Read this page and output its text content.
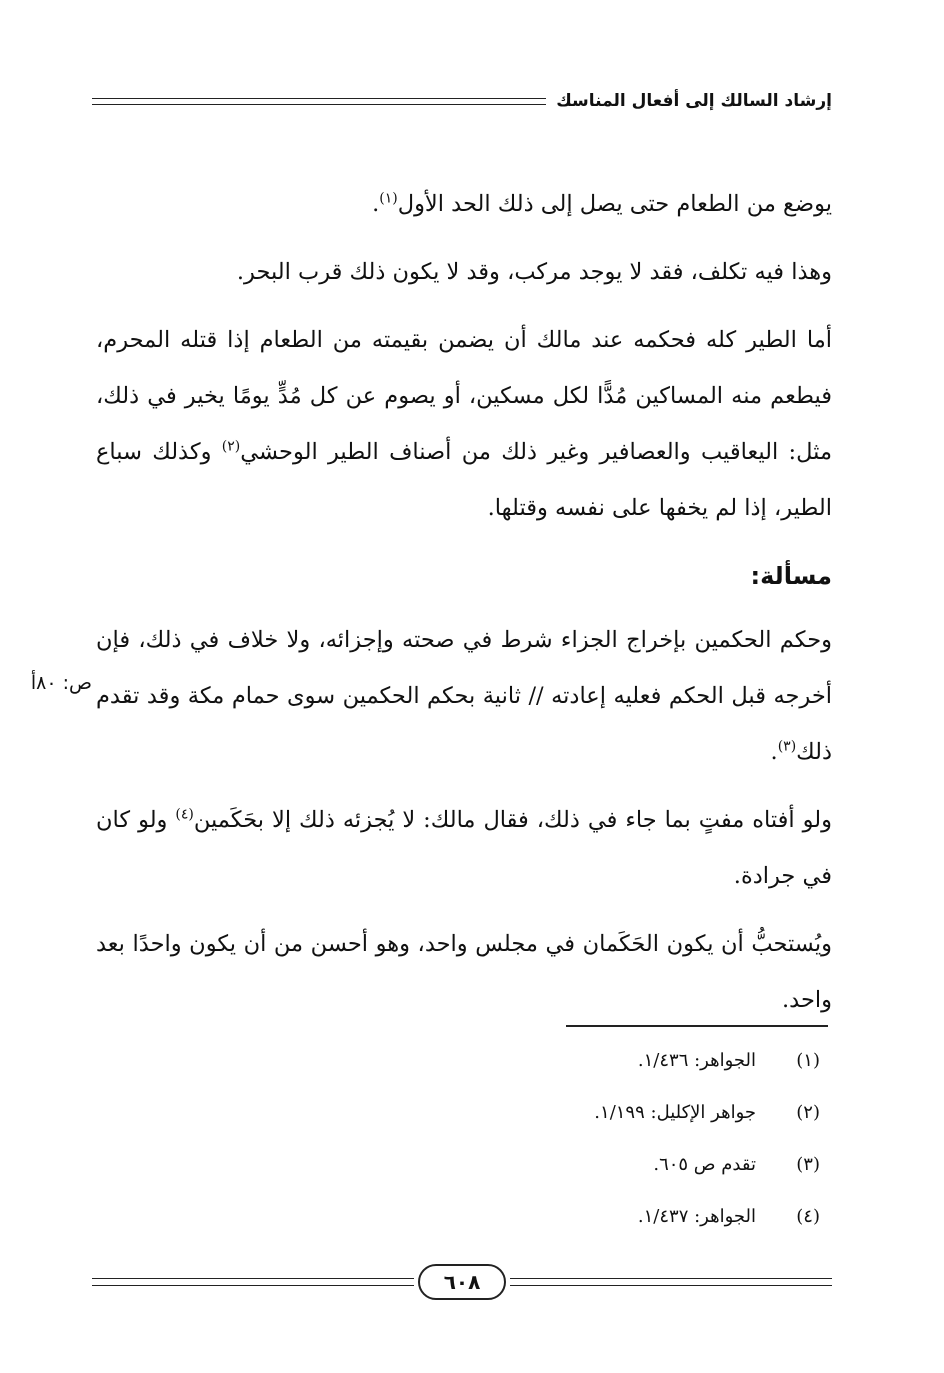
إرشاد السالك إلى أفعال المناسك
ص: ٨٠أ

يوضع من الطعام حتى يصل إلى ذلك الحد الأول$^{(١)}$.

وهذا فيه تكلف، فقد لا يوجد مركب، وقد لا يكون ذلك قرب البحر.

أما الطير كله فحكمه عند مالك أن يضمن بقيمته من الطعام إذا قتله المحرم، فيطعم منه المساكين مُدًّا لكل مسكين، أو يصوم عن كل مُدٍّ يومًا يخير في ذلك، مثل: اليعاقيب والعصافير وغير ذلك من أصناف الطير الوحشي$^{(٢)}$ وكذلك سباع الطير، إذا لم يخفها على نفسه وقتلها.

مسألة:

وحكم الحكمين بإخراج الجزاء شرط في صحته وإجزائه، ولا خلاف في ذلك، فإن أخرجه قبل الحكم فعليه إعادته // ثانية بحكم الحكمين سوى حمام مكة وقد تقدم ذلك$^{(٣)}$.

ولو أفتاه مفتٍ بما جاء في ذلك، فقال مالك: لا يُجزئه ذلك إلا بحَكَمين$^{(٤)}$ ولو كان في جرادة.

ويُستحبُّ أن يكون الحَكَمان في مجلس واحد، وهو أحسن من أن يكون واحدًا بعد واحد.

(١)
الجواهر: ١/٤٣٦.
(٢)
جواهر الإكليل: ١/١٩٩.
(٣)
تقدم ص ٦٠٥.
(٤)
الجواهر: ١/٤٣٧.
٦٠٨
